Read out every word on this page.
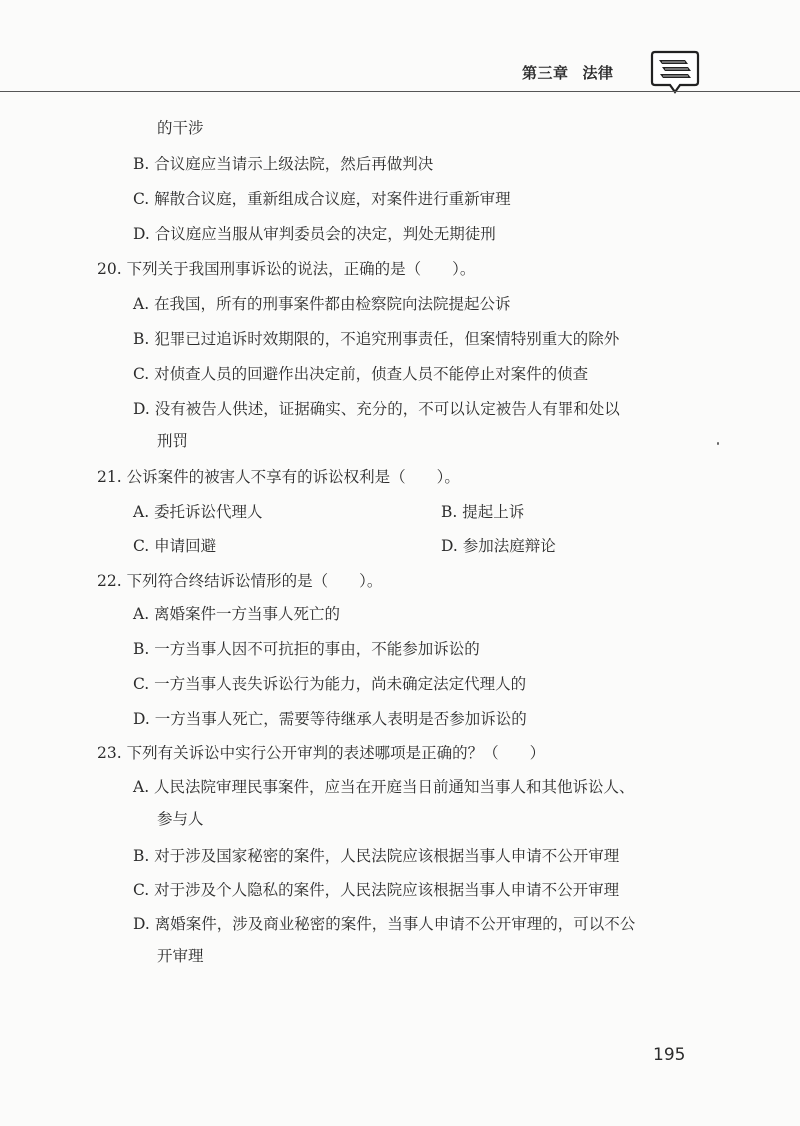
第三章 法律
的干涉
B. 合议庭应当请示上级法院，然后再做判决
C. 解散合议庭，重新组成合议庭，对案件进行重新审理
D. 合议庭应当服从审判委员会的决定，判处无期徒刑
20. 下列关于我国刑事诉讼的说法，正确的是（　　）。
A. 在我国，所有的刑事案件都由检察院向法院提起公诉
B. 犯罪已过追诉时效期限的，不追究刑事责任，但案情特别重大的除外
C. 对侦查人员的回避作出决定前，侦查人员不能停止对案件的侦查
D. 没有被告人供述，证据确实、充分的，不可以认定被告人有罪和处以
刑罚
21. 公诉案件的被害人不享有的诉讼权利是（　　）。
A. 委托诉讼代理人	B. 提起上诉
C. 申请回避	D. 参加法庭辩论
22. 下列符合终结诉讼情形的是（　　）。
A. 离婚案件一方当事人死亡的
B. 一方当事人因不可抗拒的事由，不能参加诉讼的
C. 一方当事人丧失诉讼行为能力，尚未确定法定代理人的
D. 一方当事人死亡，需要等待继承人表明是否参加诉讼的
23. 下列有关诉讼中实行公开审判的表述哪项是正确的？（　　）
A. 人民法院审理民事案件，应当在开庭当日前通知当事人和其他诉讼人、
参与人
B. 对于涉及国家秘密的案件，人民法院应该根据当事人申请不公开审理
C. 对于涉及个人隐私的案件，人民法院应该根据当事人申请不公开审理
D. 离婚案件，涉及商业秘密的案件，当事人申请不公开审理的，可以不公
开审理
195
